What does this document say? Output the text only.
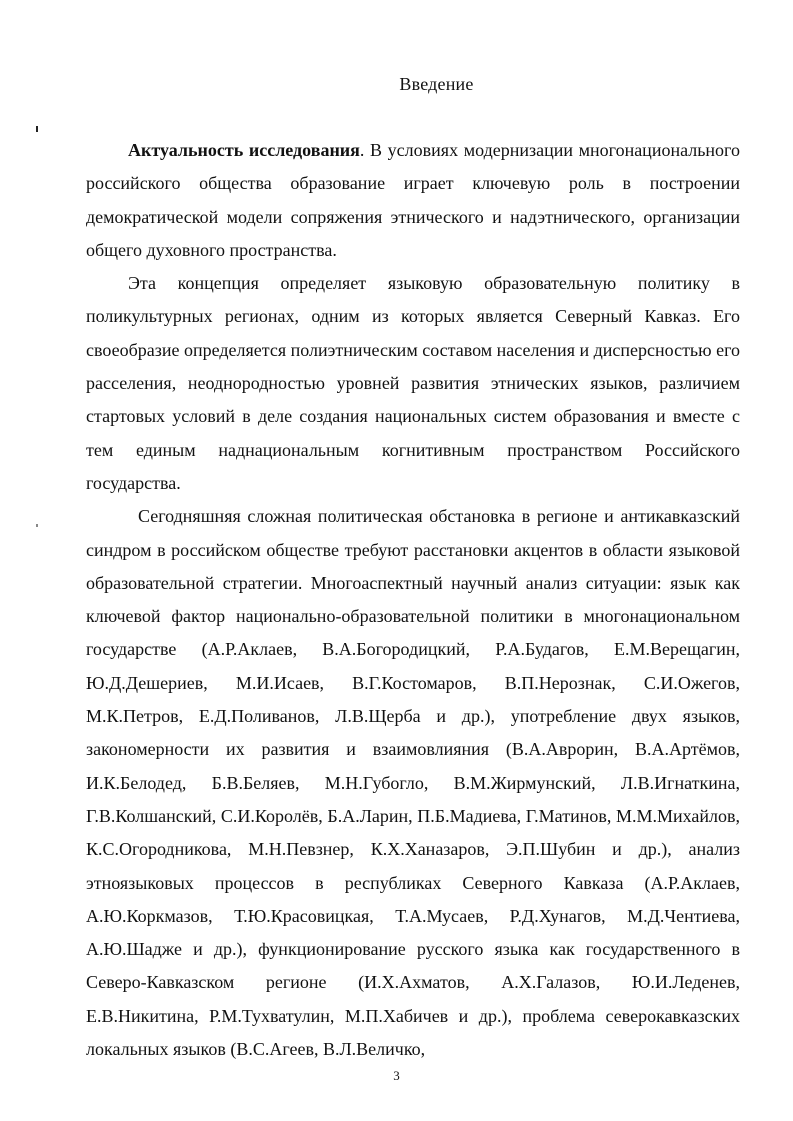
Введение

Актуальность исследования. В условиях модернизации многонационального российского общества образование играет ключевую роль в построении демократической модели сопряжения этнического и надэтнического, организации общего духовного пространства.

Эта концепция определяет языковую образовательную политику в поликультурных регионах, одним из которых является Северный Кавказ. Его своеобразие определяется полиэтническим составом населения и дисперсностью его расселения, неоднородностью уровней развития этнических языков, различием стартовых условий в деле создания национальных систем образования и вместе с тем единым наднациональным когнитивным пространством Российского государства.

Сегодняшняя сложная политическая обстановка в регионе и антикавказский синдром в российском обществе требуют расстановки акцентов в области языковой образовательной стратегии. Многоаспектный научный анализ ситуации: язык как ключевой фактор национально-образовательной политики в многонациональном государстве (А.Р.Аклаев, В.А.Богородицкий, Р.А.Будагов, Е.М.Верещагин, Ю.Д.Дешериев, М.И.Исаев, В.Г.Костомаров, В.П.Нерознак, С.И.Ожегов, М.К.Петров, Е.Д.Поливанов, Л.В.Щерба и др.), употребление двух языков, закономерности их развития и взаимовлияния (В.А.Аврорин, В.А.Артёмов, И.К.Белодед, Б.В.Беляев, М.Н.Губогло, В.М.Жирмунский, Л.В.Игнаткина, Г.В.Колшанский, С.И.Королёв, Б.А.Ларин, П.Б.Мадиева, Г.Матинов, М.М.Михайлов, К.С.Огородникова, М.Н.Певзнер, К.Х.Ханазаров, Э.П.Шубин и др.), анализ этноязыковых процессов в республиках Северного Кавказа (А.Р.Аклаев, А.Ю.Коркмазов, Т.Ю.Красовицкая, Т.А.Мусаев, Р.Д.Хунагов, М.Д.Чентиева, А.Ю.Шадже и др.), функционирование русского языка как государственного в Северо-Кавказском регионе (И.Х.Ахматов, А.Х.Галазов, Ю.И.Леденев, Е.В.Никитина, Р.М.Тухватулин, М.П.Хабичев и др.), проблема северокавказских локальных языков (В.С.Агеев, В.Л.Величко,

3
